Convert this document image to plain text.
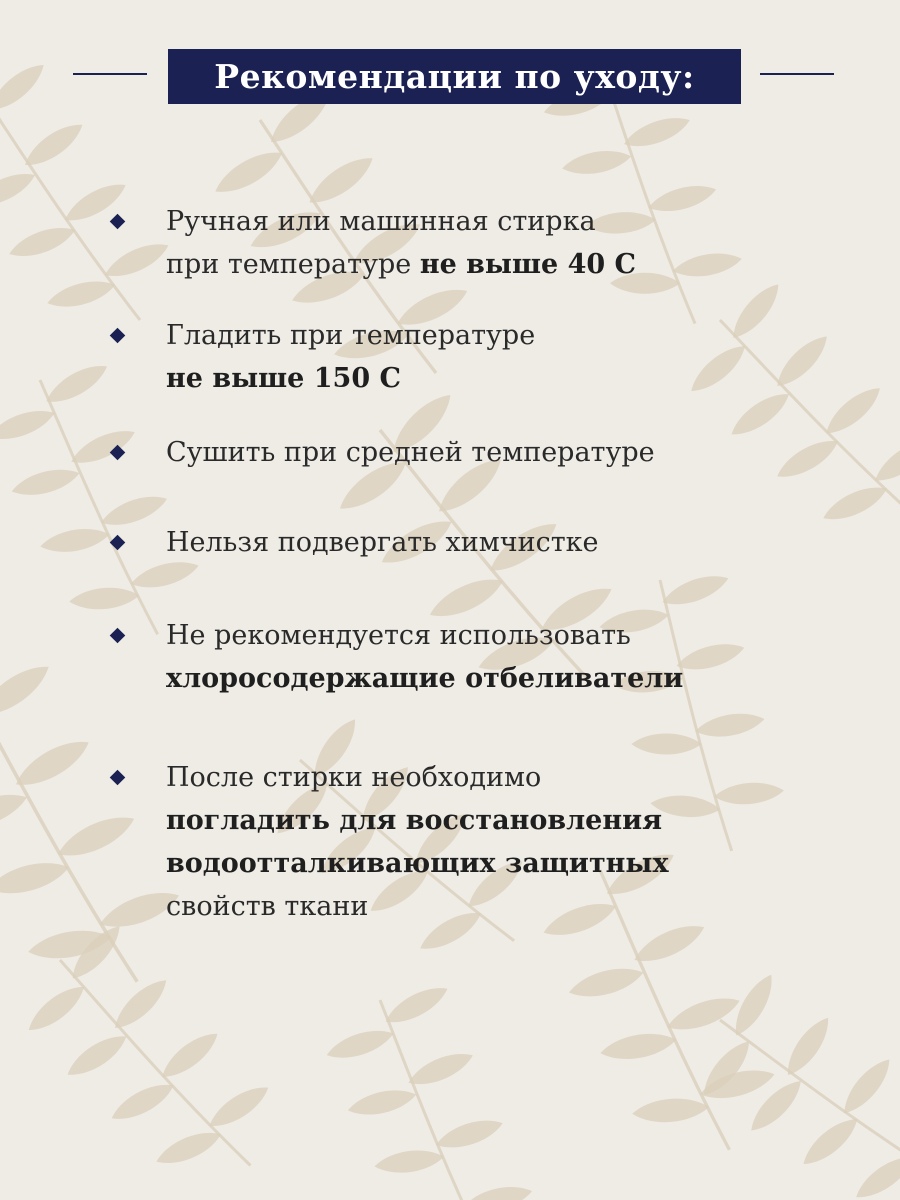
Рекомендации по уходу:
Ручная или машинная стирка
при температуре не выше 40 С
Гладить при температуре
не выше 150 С
Сушить при средней температуре
Нельзя подвергать химчистке
Не рекомендуется использовать
хлоросодержащие отбеливатели
После стирки необходимо
погладить для восстановления
водоотталкивающих защитных
свойств ткани
